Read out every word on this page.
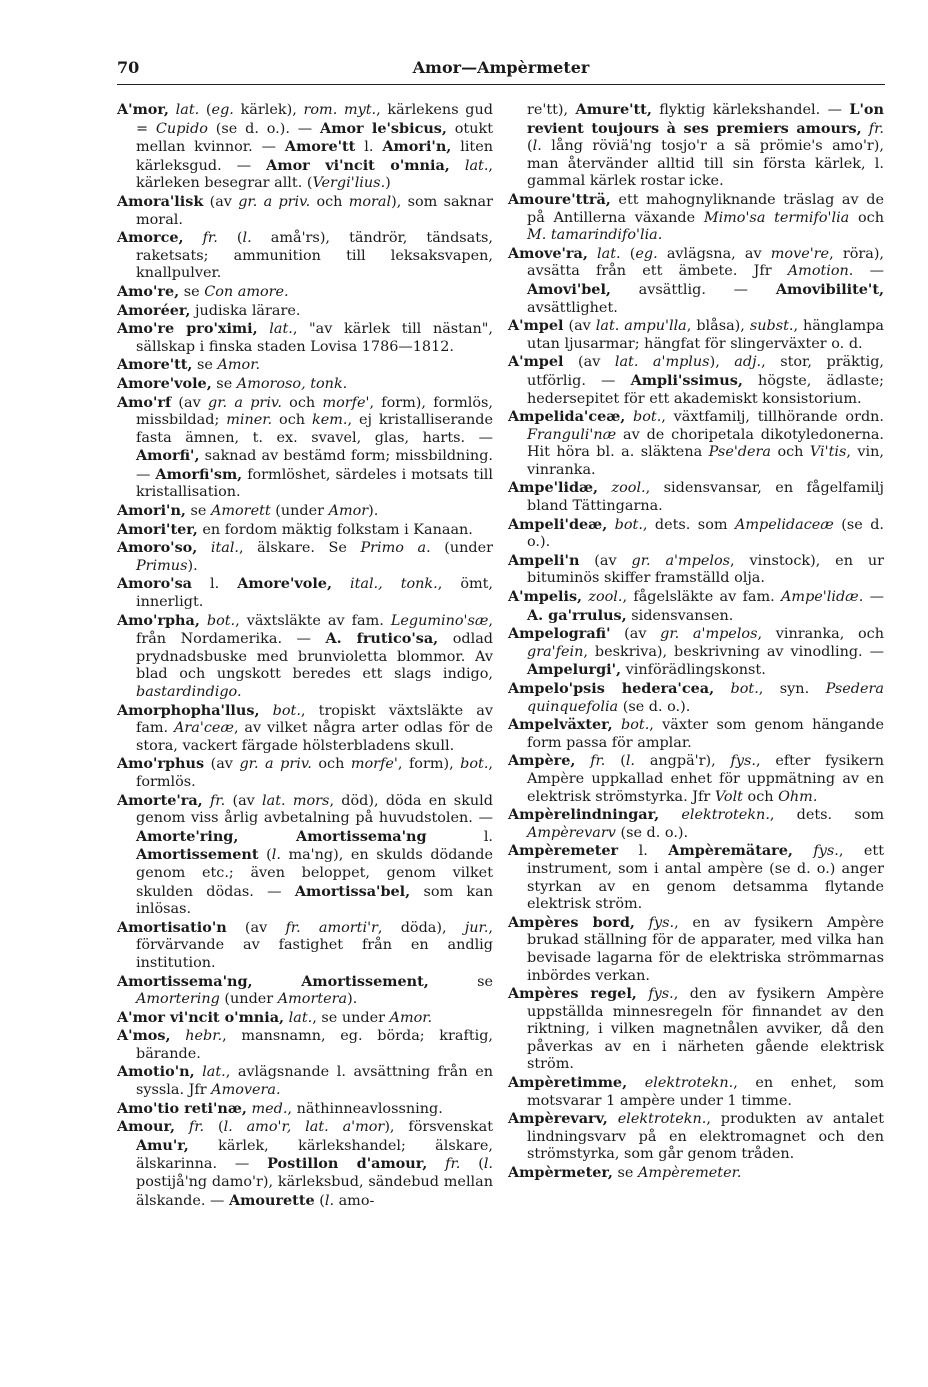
70	Amor—Ampèrmeter

A'mor, lat. (eg. kärlek), rom. myt., kärlekens gud = Cupido (se d. o.). — Amor le'sbicus, otukt mellan kvinnor. — Amore'tt l. Amori'n, liten kärleksgud. — Amor vi'ncit o'mnia, lat., kärleken besegrar allt. (Vergi'lius.)

Amora'lisk (av gr. a priv. och moral), som saknar moral.

Amorce, fr. (l. amå'rs), tändrör, tändsats, raketsats; ammunition till leksaksvapen, knallpulver.

Amo're, se Con amore.

Amoréer, judiska lärare.

Amo're pro'ximi, lat., "av kärlek till nästan", sällskap i finska staden Lovisa 1786—1812.

Amore'tt, se Amor.

Amore'vole, se Amoroso, tonk.

Amo'rf (av gr. a priv. och morfe', form), formlös, missbildad; miner. och kem., ej kristalliserande fasta ämnen, t. ex. svavel, glas, harts. — Amorfi', saknad av bestämd form; missbildning. — Amorfi'sm, formlöshet, särdeles i motsats till kristallisation.

Amori'n, se Amorett (under Amor).

Amori'ter, en fordom mäktig folkstam i Kanaan.

Amoro'so, ital., älskare. Se Primo a. (under Primus).

Amoro'sa l. Amore'vole, ital., tonk., ömt, innerligt.

Amo'rpha, bot., växtsläkte av fam. Leguminо'sæ, från Nordamerika. — A. frutico'sa, odlad prydnadsbuske med brunvioletta blommor. Av blad och ungskott beredes ett slags indigo, bastardindigo.

Amorphopha'llus, bot., tropiskt växtsläkte av fam. Ara'ceæ, av vilket några arter odlas för de stora, vackert färgade hölsterbladens skull.

Amo'rphus (av gr. a priv. och morfe', form), bot., formlös.

Amorte'ra, fr. (av lat. mors, död), döda en skuld genom viss årlig avbetalning på huvudstolen. — Amorte'ring, Amortissema'ng l. Amortissement (l. ma'ng), en skulds dödande genom etc.; även beloppet, genom vilket skulden dödas. — Amortissa'bel, som kan inlösas.

Amortisatio'n (av fr. amorti'r, döda), jur., förvärvande av fastighet från en andlig institution.

Amortissema'ng, Amortissement, se Amortering (under Amortera).

A'mor vi'ncit o'mnia, lat., se under Amor.

A'mos, hebr., mansnamn, eg. börda; kraftig, bärande.

Amotio'n, lat., avlägsnande l. avsättning från en syssla. Jfr Amovera.

Amo'tio reti'næ, med., näthinneavlossning.

Amour, fr. (l. amo'r, lat. a'mor), försvenskat Amu'r, kärlek, kärlekshandel; älskare, älskarinna. — Postillon d'amour, fr. (l. postijå'ng damo'r), kärleksbud, sändebud mellan älskande. — Amourette (l. amo-

re'tt), Amure'tt, flyktig kärlekshandel. — L'on revient toujours à ses premiers amours, fr. (l. lång röviä'ng tosjo'r a sä prömie's amo'r), man återvänder alltid till sin första kärlek, l. gammal kärlek rostar icke.

Amoure'tträ, ett mahognyliknande träslag av de på Antillerna växande Mimo'sa termifo'lia och M. tamarindifo'lia.

Amove'ra, lat. (eg. avlägsna, av move're, röra), avsätta från ett ämbete. Jfr Amotion. — Amovi'bel, avsättlig. — Amovibilite't, avsättlighet.

A'mpel (av lat. ampu'lla, blåsa), subst., hänglampa utan ljusarmar; hängfat för slingerväxter o. d.

A'mpel (av lat. a'mplus), adj., stor, präktig, utförlig. — Ampli'ssimus, högste, ädlaste; hedersepitet för ett akademiskt konsistorium.

Ampelida'ceæ, bot., växtfamilj, tillhörande ordn. Franguli'næ av de choripetala dikotyledonerna. Hit höra bl. a. släktena Pse'dera och Vi'tis, vin, vinranka.

Ampe'lidæ, zool., sidensvansar, en fågelfamilj bland Tättingarna.

Ampeli'deæ, bot., dets. som Ampelidaceæ (se d. o.).

Ampeli'n (av gr. a'mpelos, vinstock), en ur bituminös skiffer framställd olja.

A'mpelis, zool., fågelsläkte av fam. Ampe'lidæ. — A. ga'rrulus, sidensvansen.

Ampelografi' (av gr. a'mpelos, vinranka, och gra'fein, beskriva), beskrivning av vinodling. — Ampelurgi', vinförädlingskonst.

Ampelo'psis hedera'cea, bot., syn. Psedera quinquefolia (se d. o.).

Ampelväxter, bot., växter som genom hängande form passa för amplar.

Ampère, fr. (l. angpä'r), fys., efter fysikern Ampère uppkallad enhet för uppmätning av en elektrisk strömstyrka. Jfr Volt och Ohm.

Ampèrelindningar, elektrotekn., dets. som Ampèrevarv (se d. o.).

Ampèremeter l. Ampèremätare, fys., ett instrument, som i antal ampère (se d. o.) anger styrkan av en genom detsamma flytande elektrisk ström.

Ampères bord, fys., en av fysikern Ampère brukad ställning för de apparater, med vilka han bevisade lagarna för de elektriska strömmarnas inbördes verkan.

Ampères regel, fys., den av fysikern Ampère uppställda minnesregeln för finnandet av den riktning, i vilken magnetnålen avviker, då den påverkas av en i närheten gående elektrisk ström.

Ampèretimme, elektrotekn., en enhet, som motsvarar 1 ampère under 1 timme.

Ampèrevarv, elektrotekn., produkten av antalet lindningsvarv på en elektromagnet och den strömstyrka, som går genom tråden.

Ampèrmeter, se Ampèremeter.
